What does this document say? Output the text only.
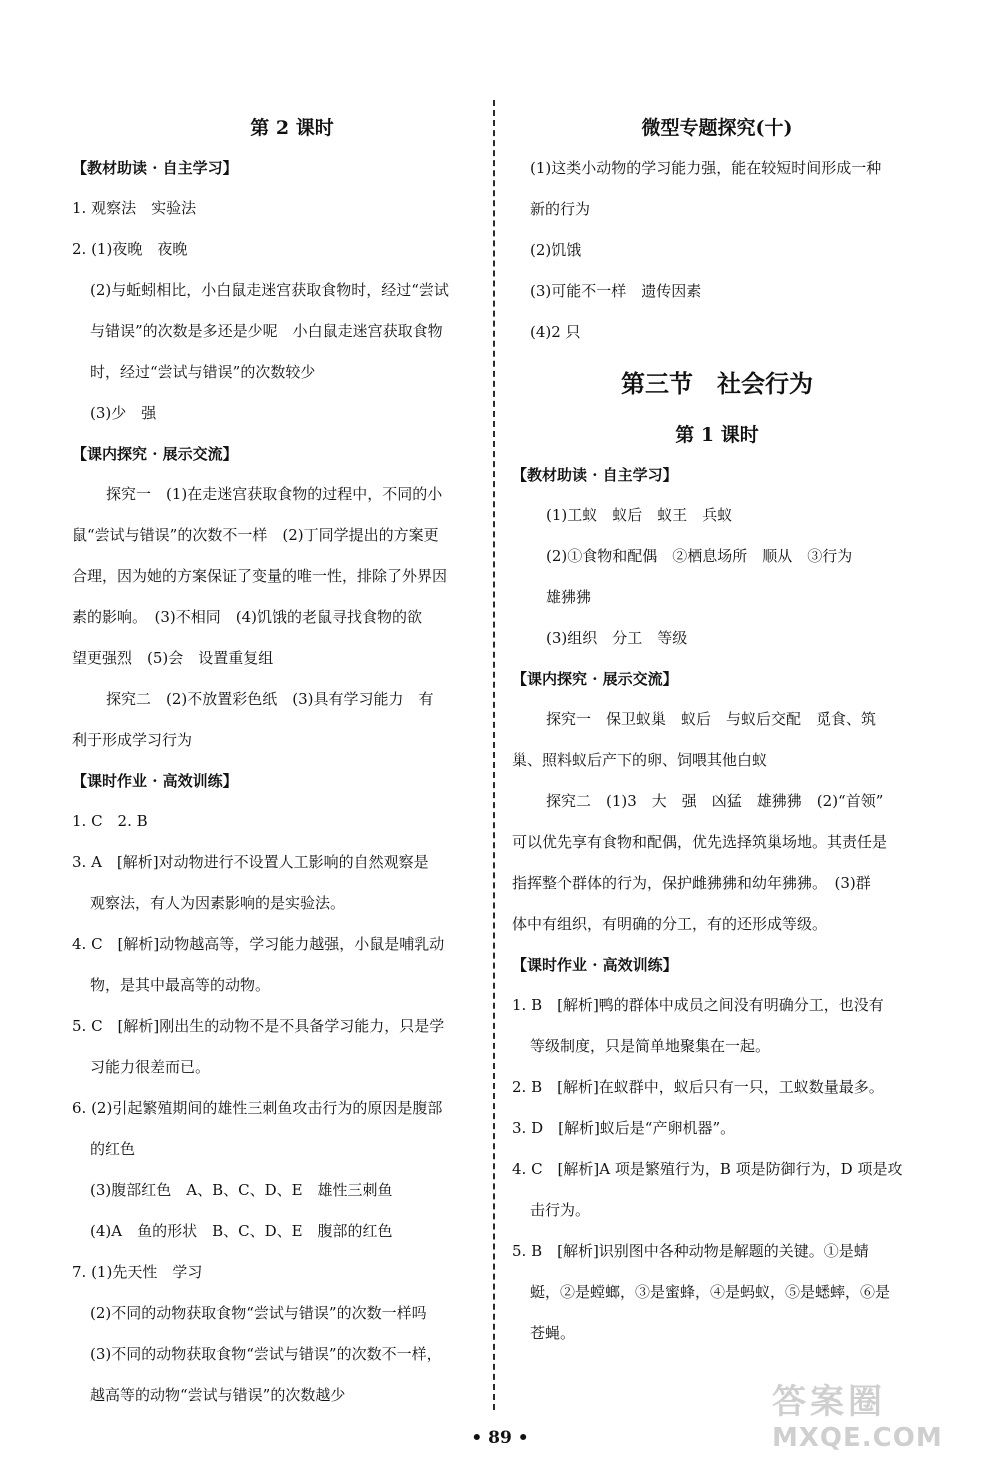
第 2 课时
【教材助读 · 自主学习】
1. 观察法　实验法
2. (1)夜晚　夜晚
(2)与蚯蚓相比，小白鼠走迷宫获取食物时，经过“尝试
与错误”的次数是多还是少呢　小白鼠走迷宫获取食物
时，经过“尝试与错误”的次数较少
(3)少　强
【课内探究 · 展示交流】
探究一　(1)在走迷宫获取食物的过程中，不同的小
鼠“尝试与错误”的次数不一样　(2)丁同学提出的方案更
合理，因为她的方案保证了变量的唯一性，排除了外界因
素的影响。　(3)不相同　(4)饥饿的老鼠寻找食物的欲
望更强烈　(5)会　设置重复组
探究二　(2)不放置彩色纸　(3)具有学习能力　有
利于形成学习行为
【课时作业 · 高效训练】
1. C　2. B
3. A　[解析]对动物进行不设置人工影响的自然观察是
观察法，有人为因素影响的是实验法。
4. C　[解析]动物越高等，学习能力越强，小鼠是哺乳动
物，是其中最高等的动物。
5. C　[解析]刚出生的动物不是不具备学习能力，只是学
习能力很差而已。
6. (2)引起繁殖期间的雄性三刺鱼攻击行为的原因是腹部
的红色
(3)腹部红色　A、B、C、D、E　雄性三刺鱼
(4)A　鱼的形状　B、C、D、E　腹部的红色
7. (1)先天性　学习
(2)不同的动物获取食物“尝试与错误”的次数一样吗
(3)不同的动物获取食物“尝试与错误”的次数不一样，
越高等的动物“尝试与错误”的次数越少
微型专题探究(十)
(1)这类小动物的学习能力强，能在较短时间形成一种
新的行为
(2)饥饿
(3)可能不一样　遗传因素
(4)2 只
第三节　社会行为
第 1 课时
【教材助读 · 自主学习】
(1)工蚁　蚁后　蚁王　兵蚁
(2)①食物和配偶　②栖息场所　顺从　③行为
雄狒狒
(3)组织　分工　等级
【课内探究 · 展示交流】
探究一　保卫蚁巢　蚁后　与蚁后交配　觅食、筑
巢、照料蚁后产下的卵、饲喂其他白蚁
探究二　(1)3　大　强　凶猛　雄狒狒　(2)“首领”
可以优先享有食物和配偶，优先选择筑巢场地。其责任是
指挥整个群体的行为，保护雌狒狒和幼年狒狒。　(3)群
体中有组织，有明确的分工，有的还形成等级。
【课时作业 · 高效训练】
1. B　[解析]鸭的群体中成员之间没有明确分工，也没有
等级制度，只是简单地聚集在一起。
2. B　[解析]在蚁群中，蚁后只有一只，工蚁数量最多。
3. D　[解析]蚁后是“产卵机器”。
4. C　[解析]A 项是繁殖行为，B 项是防御行为，D 项是攻
击行为。
5. B　[解析]识别图中各种动物是解题的关键。①是蜻
蜓，②是螳螂，③是蜜蜂，④是蚂蚁，⑤是蟋蟀，⑥是
苍蝇。
• 89 •
答案圈
MXQE.COM
